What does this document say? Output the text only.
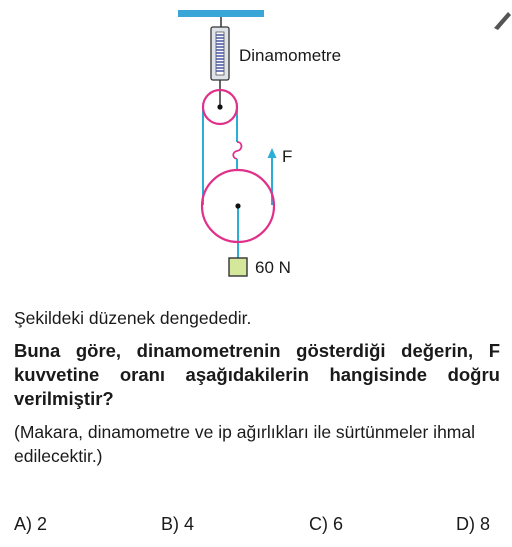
Dinamometre
F
60 N

Şekildeki düzenek dengededir.

Buna göre, dinamometrenin gösterdiği değerin, F kuvvetine oranı aşağıdakilerin hangisinde doğru verilmiştir?

(Makara, dinamometre ve ip ağırlıkları ile sürtünmeler ihmal edilecektir.)

A) 2	B) 4	C) 6	D) 8
